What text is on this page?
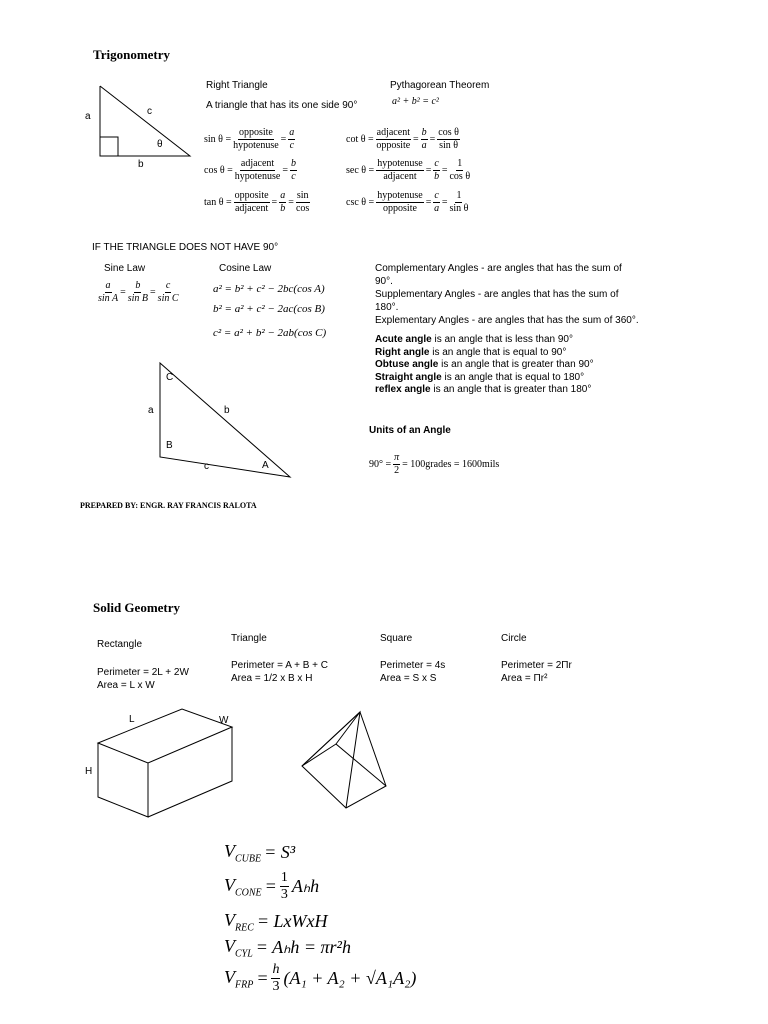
Trigonometry
a	c
θ
b
Right Triangle
A triangle that has its one side 90°
Pythagorean Theorem
a² + b² = c²
$\sin \theta = \frac{\text{opposite}}{\text{hypotenuse}} = \frac{a}{c}$
$\cos \theta = \frac{\text{adjacent}}{\text{hypotenuse}} = \frac{b}{c}$
$\tan \theta = \frac{\text{opposite}}{\text{adjacent}} = \frac{a}{b} = \frac{\sin}{\cos}$
$\cot \theta = \frac{\text{adjacent}}{\text{opposite}} = \frac{b}{a} = \frac{\text{cos θ}}{\text{sin θ}}$
$\sec \theta = \frac{\text{hypotenuse}}{\text{adjacent}} = \frac{c}{b} = \frac{1}{\text{cos θ}}$
$\csc \theta = \frac{\text{hypotenuse}}{\text{opposite}} = \frac{c}{a} = \frac{1}{\text{sin θ}}$
IF THE TRIANGLE DOES NOT HAVE 90°
Sine Law
$\frac{a}{\text{sin A}} = \frac{b}{\text{sin B}} = \frac{c}{\text{sin C}}$
Cosine Law
a² = b² + c² − 2bc(cos A)
b² = a² + c² − 2ac(cos B)
c² = a² + b² − 2ab(cos C)
Complementary Angles - are angles that has the sum of
90°.
Supplementary Angles - are angles that has the sum of
180°.
Explementary Angles - are angles that has the sum of 360°.
Acute angle is an angle that is less than 90°
Right angle is an angle that is equal to 90°
Obtuse angle is an angle that is greater than 90°
Straight angle is an angle that is equal to 180°
reflex angle is an angle that is greater than 180°
Units of an Angle
$90^\circ = \frac{\pi}{2}$ = 100grades = 1600mils
C
a	b
B
c	A
PREPARED BY: ENGR. RAY FRANCIS RALOTA
Solid Geometry
Rectangle
Perimeter = 2L + 2W
Area = L x W
Triangle
Perimeter = A + B + C
Area = 1/2 x B x H
Square
Perimeter = 4s
Area = S x S
Circle
Perimeter = 2Πr
Area = Πr²
L	W
H
$V_{CUBE} = S^3$
$V_{CONE} = \frac{1}{3}$ Aₕh
$V_{REC}$ = LxWxH
$V_{CYL} = A_hh = \pi r^2h$
$V_{FRP} = \frac{h}{3} (A_1 + A_2 + √A_1A_2)$
